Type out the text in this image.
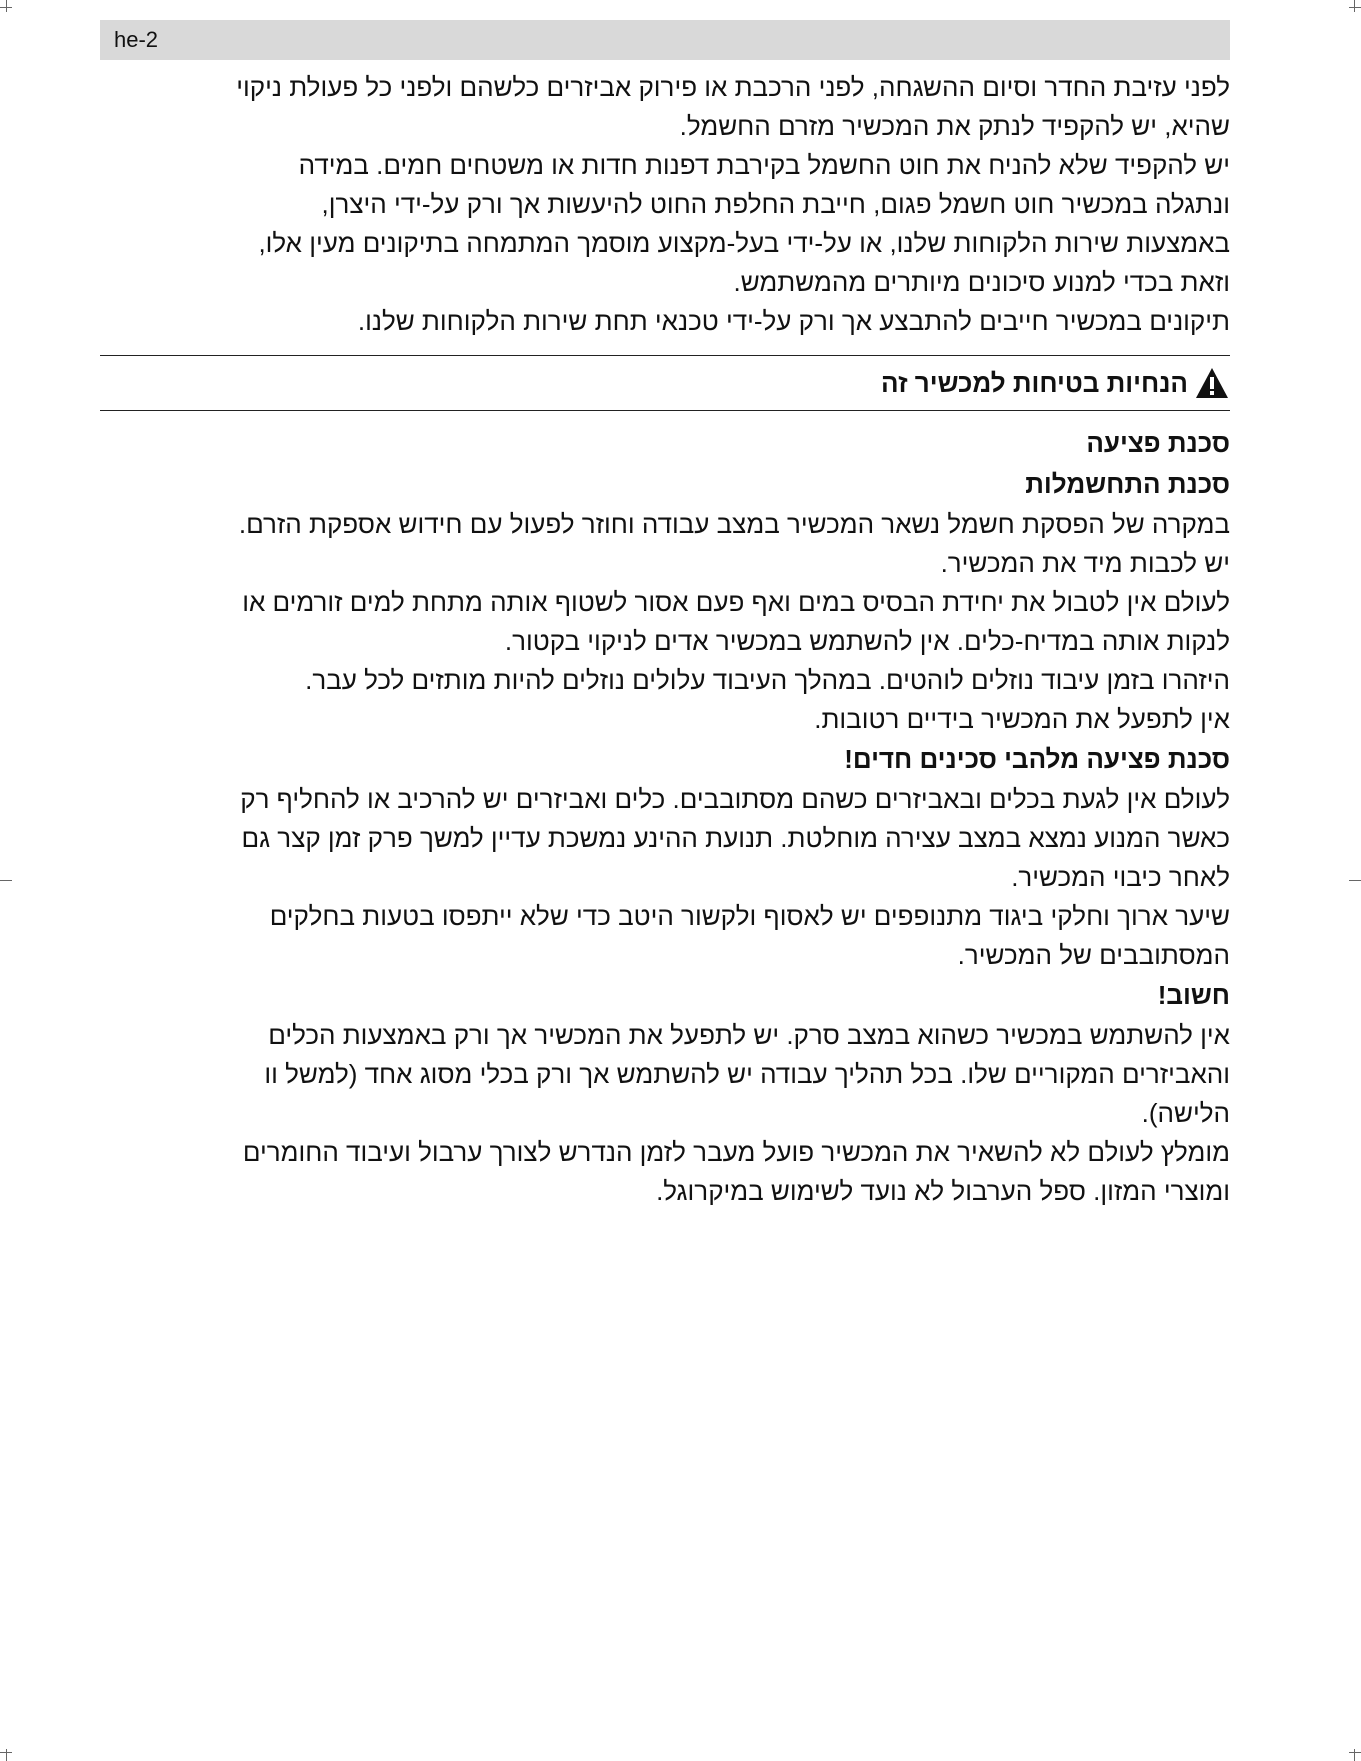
he-2

לפני עזיבת החדר וסיום ההשגחה, לפני הרכבת או פירוק אביזרים כלשהם ולפני כל פעולת ניקוי

שהיא, יש להקפיד לנתק את המכשיר מזרם החשמל.

יש להקפיד שלא להניח את חוט החשמל בקירבת דפנות חדות או משטחים חמים. במידה

ונתגלה במכשיר חוט חשמל פגום, חייבת החלפת החוט להיעשות אך ורק על-ידי היצרן,

באמצעות שירות הלקוחות שלנו, או על-ידי בעל-מקצוע מוסמך המתמחה בתיקונים מעין אלו,

וזאת בכדי למנוע סיכונים מיותרים מהמשתמש.

תיקונים במכשיר חייבים להתבצע אך ורק על-ידי טכנאי תחת שירות הלקוחות שלנו.

הנחיות בטיחות למכשיר זה

סכנת פציעה

סכנת התחשמלות

במקרה של הפסקת חשמל נשאר המכשיר במצב עבודה וחוזר לפעול עם חידוש אספקת הזרם.

יש לכבות מיד את המכשיר.

לעולם אין לטבול את יחידת הבסיס במים ואף פעם אסור לשטוף אותה מתחת למים זורמים או

לנקות אותה במדיח-כלים. אין להשתמש במכשיר אדים לניקוי בקטור.

היזהרו בזמן עיבוד נוזלים לוהטים. במהלך העיבוד עלולים נוזלים להיות מותזים לכל עבר.

אין לתפעל את המכשיר בידיים רטובות.

סכנת פציעה מלהבי סכינים חדים!

לעולם אין לגעת בכלים ובאביזרים כשהם מסתובבים. כלים ואביזרים יש להרכיב או להחליף רק

כאשר המנוע נמצא במצב עצירה מוחלטת. תנועת ההינע נמשכת עדיין למשך פרק זמן קצר גם

לאחר כיבוי המכשיר.

שיער ארוך וחלקי ביגוד מתנופפים יש לאסוף ולקשור היטב כדי שלא ייתפסו בטעות בחלקים

המסתובבים של המכשיר.

חשוב!

אין להשתמש במכשיר כשהוא במצב סרק. יש לתפעל את המכשיר אך ורק באמצעות הכלים

והאביזרים המקוריים שלו. בכל תהליך עבודה יש להשתמש אך ורק בכלי מסוג אחד (למשל וו

הלישה).

מומלץ לעולם לא להשאיר את המכשיר פועל מעבר לזמן הנדרש לצורך ערבול ועיבוד החומרים

ומוצרי המזון. ספל הערבול לא נועד לשימוש במיקרוגל.
